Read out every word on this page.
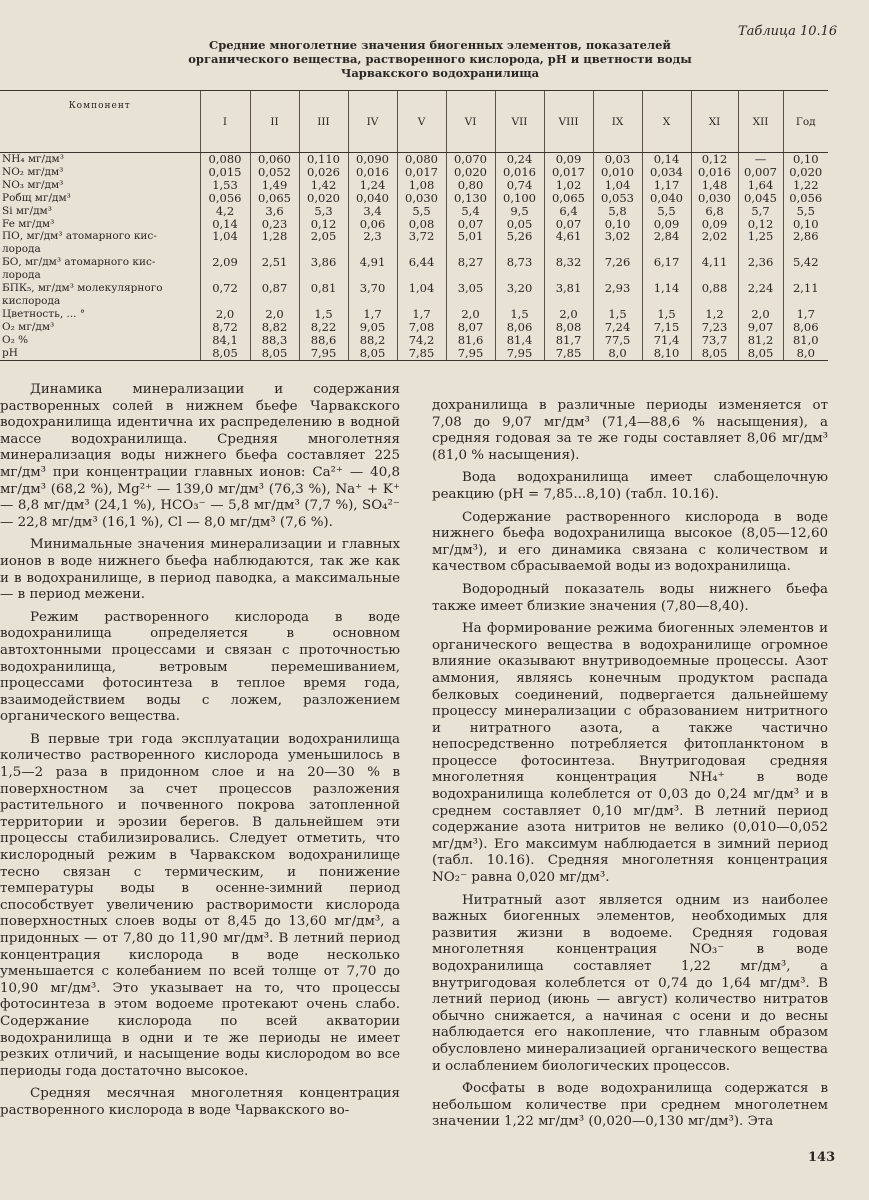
Таблица 10.16
Средние многолетние значения биогенных элементов, показателей
органического вещества, растворенного кислорода, рН и цветности воды
Чарвакского водохранилища
Компонент	I	II	III	IV	V	VI	VII	VIII	IX	X	XI	XII	Год
NH₄ мг/дм³	0,080	0,060	0,110	0,090	0,080	0,070	0,24	0,09	0,03	0,14	0,12	—	0,10
NO₂ мг/дм³	0,015	0,052	0,026	0,016	0,017	0,020	0,016	0,017	0,010	0,034	0,016	0,007	0,020
NO₃ мг/дм³	1,53	1,49	1,42	1,24	1,08	0,80	0,74	1,02	1,04	1,17	1,48	1,64	1,22
Pобщ мг/дм³	0,056	0,065	0,020	0,040	0,030	0,130	0,100	0,065	0,053	0,040	0,030	0,045	0,056
Si мг/дм³	4,2	3,6	5,3	3,4	5,5	5,4	9,5	6,4	5,8	5,5	6,8	5,7	5,5
Fe мг/дм³	0,14	0,23	0,12	0,06	0,08	0,07	0,05	0,07	0,10	0,09	0,09	0,12	0,10
ПО, мг/дм³ атомарного кис-	1,04	1,28	2,05	2,3	3,72	5,01	5,26	4,61	3,02	2,84	2,02	1,25	2,86
лорода													
БО, мг/дм³ атомарного кис-	2,09	2,51	3,86	4,91	6,44	8,27	8,73	8,32	7,26	6,17	4,11	2,36	5,42
лорода													
БПК₅, мг/дм³ молекулярного	0,72	0,87	0,81	3,70	1,04	3,05	3,20	3,81	2,93	1,14	0,88	2,24	2,11
кислорода													
Цветность, ... °	2,0	2,0	1,5	1,7	1,7	2,0	1,5	2,0	1,5	1,5	1,2	2,0	1,7
O₂ мг/дм³	8,72	8,82	8,22	9,05	7,08	8,07	8,06	8,08	7,24	7,15	7,23	9,07	8,06
O₂ %	84,1	88,3	88,6	88,2	74,2	81,6	81,4	81,7	77,5	71,4	73,7	81,2	81,0
pH	8,05	8,05	7,95	8,05	7,85	7,95	7,95	7,85	8,0	8,10	8,05	8,05	8,0

Динамика минерализации и содержания растворенных солей в нижнем бьефе Чарвакского водохранилища идентична их распределению в водной массе водохранилища. Средняя многолетняя минерализация воды нижнего бьефа составляет 225 мг/дм³ при концентрации главных ионов: Ca²⁺ — 40,8 мг/дм³ (68,2 %), Mg²⁺ — 139,0 мг/дм³ (76,3 %), Na⁺ + K⁺ — 8,8 мг/дм³ (24,1 %), HCO₃⁻ — 5,8 мг/дм³ (7,7 %), SO₄²⁻ — 22,8 мг/дм³ (16,1 %), Cl — 8,0 мг/дм³ (7,6 %).

Минимальные значения минерализации и главных ионов в воде нижнего бьефа наблюдаются, так же как и в водохранилище, в период паводка, а максимальные — в период межени.

Режим растворенного кислорода в воде водохранилища определяется в основном автохтонными процессами и связан с проточностью водохранилища, ветровым перемешиванием, процессами фотосинтеза в теплое время года, взаимодействием воды с ложем, разложением органического вещества.

В первые три года эксплуатации водохранилища количество растворенного кислорода уменьшилось в 1,5—2 раза в придонном слое и на 20—30 % в поверхностном за счет процессов разложения растительного и почвенного покрова затопленной территории и эрозии берегов. В дальнейшем эти процессы стабилизировались. Следует отметить, что кислородный режим в Чарвакском водохранилище тесно связан с термическим, и понижение температуры воды в осенне-зимний период способствует увеличению растворимости кислорода поверхностных слоев воды от 8,45 до 13,60 мг/дм³, а придонных — от 7,80 до 11,90 мг/дм³. В летний период концентрация кислорода в воде несколько уменьшается с колебанием по всей толще от 7,70 до 10,90 мг/дм³. Это указывает на то, что процессы фотосинтеза в этом водоеме протекают очень слабо. Содержание кислорода по всей акватории водохранилища в одни и те же периоды не имеет резких отличий, и насыщение воды кислородом во все периоды года достаточно высокое.

Средняя месячная многолетняя концентрация растворенного кислорода в воде Чарвакского во-

дохранилища в различные периоды изменяется от 7,08 до 9,07 мг/дм³ (71,4—88,6 % насыщения), а средняя годовая за те же годы составляет 8,06 мг/дм³ (81,0 % насыщения).

Вода водохранилища имеет слабощелочную реакцию (pH = 7,85...8,10) (табл. 10.16).

Содержание растворенного кислорода в воде нижнего бьефа водохранилища высокое (8,05—12,60 мг/дм³), и его динамика связана с количеством и качеством сбрасываемой воды из водохранилища.

Водородный показатель воды нижнего бьефа также имеет близкие значения (7,80—8,40).

На формирование режима биогенных элементов и органического вещества в водохранилище огромное влияние оказывают внутриводоемные процессы. Азот аммония, являясь конечным продуктом распада белковых соединений, подвергается дальнейшему процессу минерализации с образованием нитритного и нитратного азота, а также частично непосредственно потребляется фитопланктоном в процессе фотосинтеза. Внутригодовая средняя многолетняя концентрация NH₄⁺ в воде водохранилища колеблется от 0,03 до 0,24 мг/дм³ и в среднем составляет 0,10 мг/дм³. В летний период содержание азота нитритов не велико (0,010—0,052 мг/дм³). Его максимум наблюдается в зимний период (табл. 10.16). Средняя многолетняя концентрация NO₂⁻ равна 0,020 мг/дм³.

Нитратный азот является одним из наиболее важных биогенных элементов, необходимых для развития жизни в водоеме. Средняя годовая многолетняя концентрация NO₃⁻ в воде водохранилища составляет 1,22 мг/дм³, а внутригодовая колеблется от 0,74 до 1,64 мг/дм³. В летний период (июнь — август) количество нитратов обычно снижается, а начиная с осени и до весны наблюдается его накопление, что главным образом обусловлено минерализацией органического вещества и ослаблением биологических процессов.

Фосфаты в воде водохранилища содержатся в небольшом количестве при среднем многолетнем значении 1,22 мг/дм³ (0,020—0,130 мг/дм³). Эта

143
